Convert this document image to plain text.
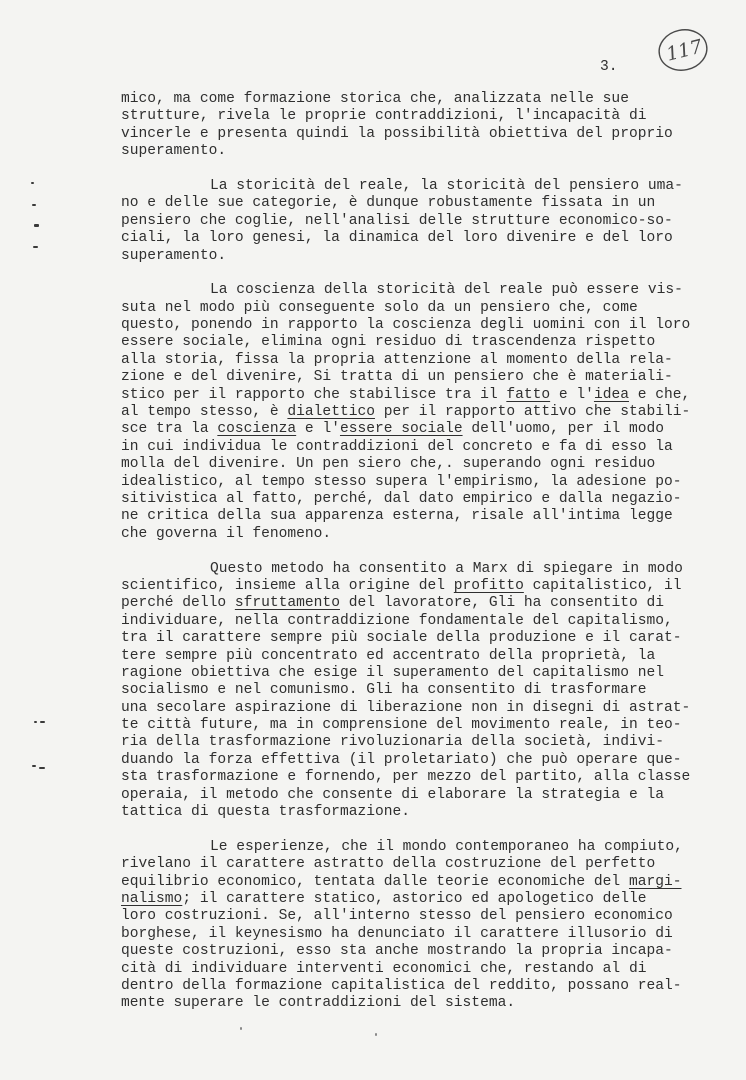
117
3.
mico, ma come formazione storica che, analizzata nelle sue
strutture, rivela le proprie contraddizioni, l'incapacità di
vincerle e presenta quindi la possibilità obiettiva del proprio
superamento.
La storicità del reale, la storicità del pensiero uma-
no e delle sue categorie, è dunque robustamente fissata in un
pensiero che coglie, nell'analisi delle strutture economico-so-
ciali, la loro genesi, la dinamica del loro divenire e del loro
superamento.
La coscienza della storicità del reale può essere vis-
suta nel modo più conseguente solo da un pensiero che, come
questo, ponendo in rapporto la coscienza degli uomini con il loro
essere sociale, elimina ogni residuo di trascendenza rispetto
alla storia, fissa la propria attenzione al momento della rela-
zione e del divenire, Si tratta di un pensiero che è materiali-
stico per il rapporto che stabilisce tra il fatto e l'idea e che,
al tempo stesso, è dialettico per il rapporto attivo che stabili-
sce tra la coscienza e l'essere sociale dell'uomo, per il modo
in cui individua le contraddizioni del concreto e fa di esso la
molla del divenire. Un pen siero che,. superando ogni residuo
idealistico, al tempo stesso supera l'empirismo, la adesione po-
sitivistica al fatto, perché, dal dato empirico e dalla negazio-
ne critica della sua apparenza esterna, risale all'intima legge
che governa il fenomeno.
Questo metodo ha consentito a Marx di spiegare in modo
scientifico, insieme alla origine del profitto capitalistico, il
perché dello sfruttamento del lavoratore, Gli ha consentito di
individuare, nella contraddizione fondamentale del capitalismo,
tra il carattere sempre più sociale della produzione e il carat-
tere sempre più concentrato ed accentrato della proprietà, la
ragione obiettiva che esige il superamento del capitalismo nel
socialismo e nel comunismo. Gli ha consentito di trasformare
una secolare aspirazione di liberazione non in disegni di astrat-
te città future, ma in comprensione del movimento reale, in teo-
ria della trasformazione rivoluzionaria della società, indivi-
duando la forza effettiva (il proletariato) che può operare que-
sta trasformazione e fornendo, per mezzo del partito, alla classe
operaia, il metodo che consente di elaborare la strategia e la
tattica di questa trasformazione.
Le esperienze, che il mondo contemporaneo ha compiuto,
rivelano il carattere astratto della costruzione del perfetto
equilibrio economico, tentata dalle teorie economiche del margi-
nalismo; il carattere statico, astorico ed apologetico delle
loro costruzioni. Se, all'interno stesso del pensiero economico
borghese, il keynesismo ha denunciato il carattere illusorio di
queste costruzioni, esso sta anche mostrando la propria incapa-
cità di individuare interventi economici che, restando al di
dentro della formazione capitalistica del reddito, possano real-
mente superare le contraddizioni del sistema.
